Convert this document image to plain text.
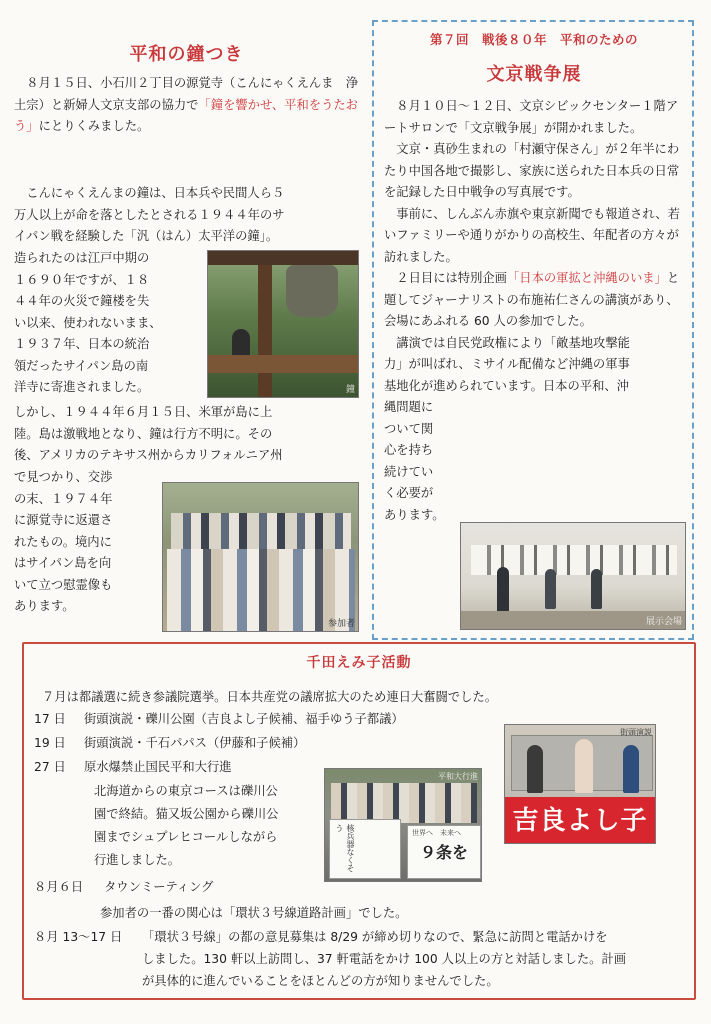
平和の鐘つき

８月１５日、小石川２丁目の源覚寺（こんにゃくえんま　浄土宗）と新婦人文京支部の協力で「鐘を響かせ、平和をうたおう」にとりくみました。

こんにゃくえんまの鐘は、日本兵や民間人ら５
万人以上が命を落としたとされる１９４４年のサ
イパン戦を経験した「汎（はん）太平洋の鐘」。
造られたのは江戸中期の
１６９０年ですが、１８
４４年の火災で鐘楼を失
い以来、使われないまま、
１９３７年、日本の統治
領だったサイパン島の南
洋寺に寄進されました。	鐘
しかし、１９４４年６月１５日、米軍が島に上
陸。島は激戦地となり、鐘は行方不明に。その
後、アメリカのテキサス州からカリフォルニア州
で見つかり、交渉
の末、１９７４年
に源覚寺に返還さ
れたもの。境内に
はサイパン島を向
いて立つ慰霊像も
あります。
参加者
第７回　戦後８０年　平和のための
文京戦争展

８月１０日～１２日、文京シビックセンター１階アートサロンで「文京戦争展」が開かれました。

文京・真砂生まれの「村瀬守保さん」が２年半にわたり中国各地で撮影し、家族に送られた日本兵の日常を記録した日中戦争の写真展です。

事前に、しんぶん赤旗や東京新聞でも報道され、若いファミリーや通りがかりの高校生、年配者の方々が訪れました。

２日目には特別企画「日本の軍拡と沖縄のいま」と題してジャーナリストの布施祐仁さんの講演があり、会場にあふれる 60 人の参加でした。

講演では自民党政権により「敵基地攻撃能
力」が叫ばれ、ミサイル配備など沖縄の軍事
基地化が進められています。日本の平和、沖
縄問題に
ついて関
心を持ち
続けてい
く必要が
あります。
展示会場
千田えみ子活動
７月は都議選に続き参議院選挙。日本共産党の議席拡大のため連日大奮闘でした。
17 日 街頭演説・礫川公園（吉良よし子候補、福手ゆう子都議）
19 日 街頭演説・千石パパス（伊藤和子候補）
27 日 原水爆禁止国民平和大行進
北海道からの東京コースは礫川公
園で終結。猫又坂公園から礫川公
園までシュプレヒコールしながら
行進しました。	核兵器なくそう
世界へ　未来へ
９条を
平和大行進
吉良よし子
街頭演説
８月６日 タウンミーティング
参加者の一番の関心は「環状３号線道路計画」でした。
８月 13～17 日 「環状３号線」の都の意見募集は 8/29 が締め切りなので、緊急に訪問と電話かけを
しました。130 軒以上訪問し、37 軒電話をかけ 100 人以上の方と対話しました。計画
が具体的に進んでいることをほとんどの方が知りませんでした。
